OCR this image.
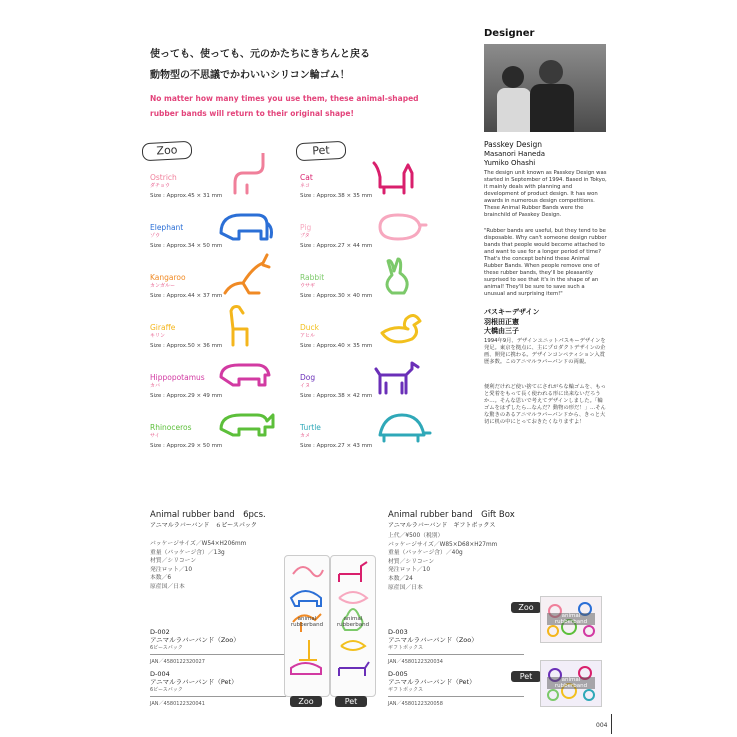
使っても、使っても、元のかたちにきちんと戻る
動物型の不思議でかわいいシリコン輪ゴム！
No matter how many times you use them, these animal-shaped
rubber bands will return to their original shape!
Zoo	Pet
Ostrich
ダチョウ
Size : Approx.45 × 31 mm
Elephant
ゾウ
Size : Approx.34 × 50 mm
Kangaroo
カンガルー
Size : Approx.44 × 37 mm
Giraffe
キリン
Size : Approx.50 × 36 mm
Hippopotamus
カバ
Size : Approx.29 × 49 mm
Rhinoceros
サイ
Size : Approx.29 × 50 mm
Cat
ネコ
Size : Approx.38 × 35 mm
Pig
ブタ
Size : Approx.27 × 44 mm
Rabbit
ウサギ
Size : Approx.30 × 40 mm
Duck
アヒル
Size : Approx.40 × 35 mm
Dog
イヌ
Size : Approx.38 × 42 mm
Turtle
カメ
Size : Approx.27 × 43 mm
Designer
Passkey Design
Masanori Haneda
Yumiko Ohashi
The design unit known as Passkey Design was started in September of 1994. Based in Tokyo, it mainly deals with planning and development of product design. It has won awards in numerous design competitions. These Animal Rubber Bands were the brainchild of Passkey Design.
"Rubber bands are useful, but they tend to be disposable. Why can't someone design rubber bands that people would become attached to and want to use for a longer period of time? That's the concept behind these Animal Rubber Bands. When people remove one of these rubber bands, they'll be pleasantly surprised to see that it's in the shape of an animal! They'll be sure to save such a unusual and surprising item!"
パスキーデザイン
羽根田正憲
大橋由三子
1994年9月、デザインユニットパスキーデザインを発足。東京を拠点に、主にプロダクトデザインの企画、開発に携わる。デザインコンペティション入賞歴多数。このアニマルラバーバンドの両親。
便利だけれど使い捨てにされがちな輪ゴムを、もっと愛着をもって長く使われる形に出来ないだろうか…。そんな思いで考えてデザインしました。「輪ゴムをはずしたら…なんだ？動物の形だ！」…そんな驚きのあるアニマルラバーバンドから、きっと大切に机の中にとっておきたくなりますよ！
Animal rubber band　6pcs.
アニマルラバーバンド　６ピースパック
パッケージサイズ／W54×H206mm
重量（パッケージ含）／13g
材質／シリコーン
発注ロット／10
本数／6
原産国／日本
D-002
アニマルラバーバンド（Zoo）
6ピースパック
JAN／4580122320027
D-004
アニマルラバーバンド（Pet）
6ピースパック
JAN／4580122320041
animal rubberband
animal rubberband
Zoo	Pet
Animal rubber band　Gift Box
アニマルラバーバンド　ギフトボックス
上代／¥500（税別）
パッケージサイズ／W85×D68×H27mm
重量（パッケージ含）／40g
材質／シリコーン
発注ロット／10
本数／24
原産国／日本
D-003
アニマルラバーバンド（Zoo）
ギフトボックス
JAN／4580122320034
D-005
アニマルラバーバンド（Pet）
ギフトボックス
JAN／4580122320058
Zoo
animal rubberband
Pet	animal rubberband
004
